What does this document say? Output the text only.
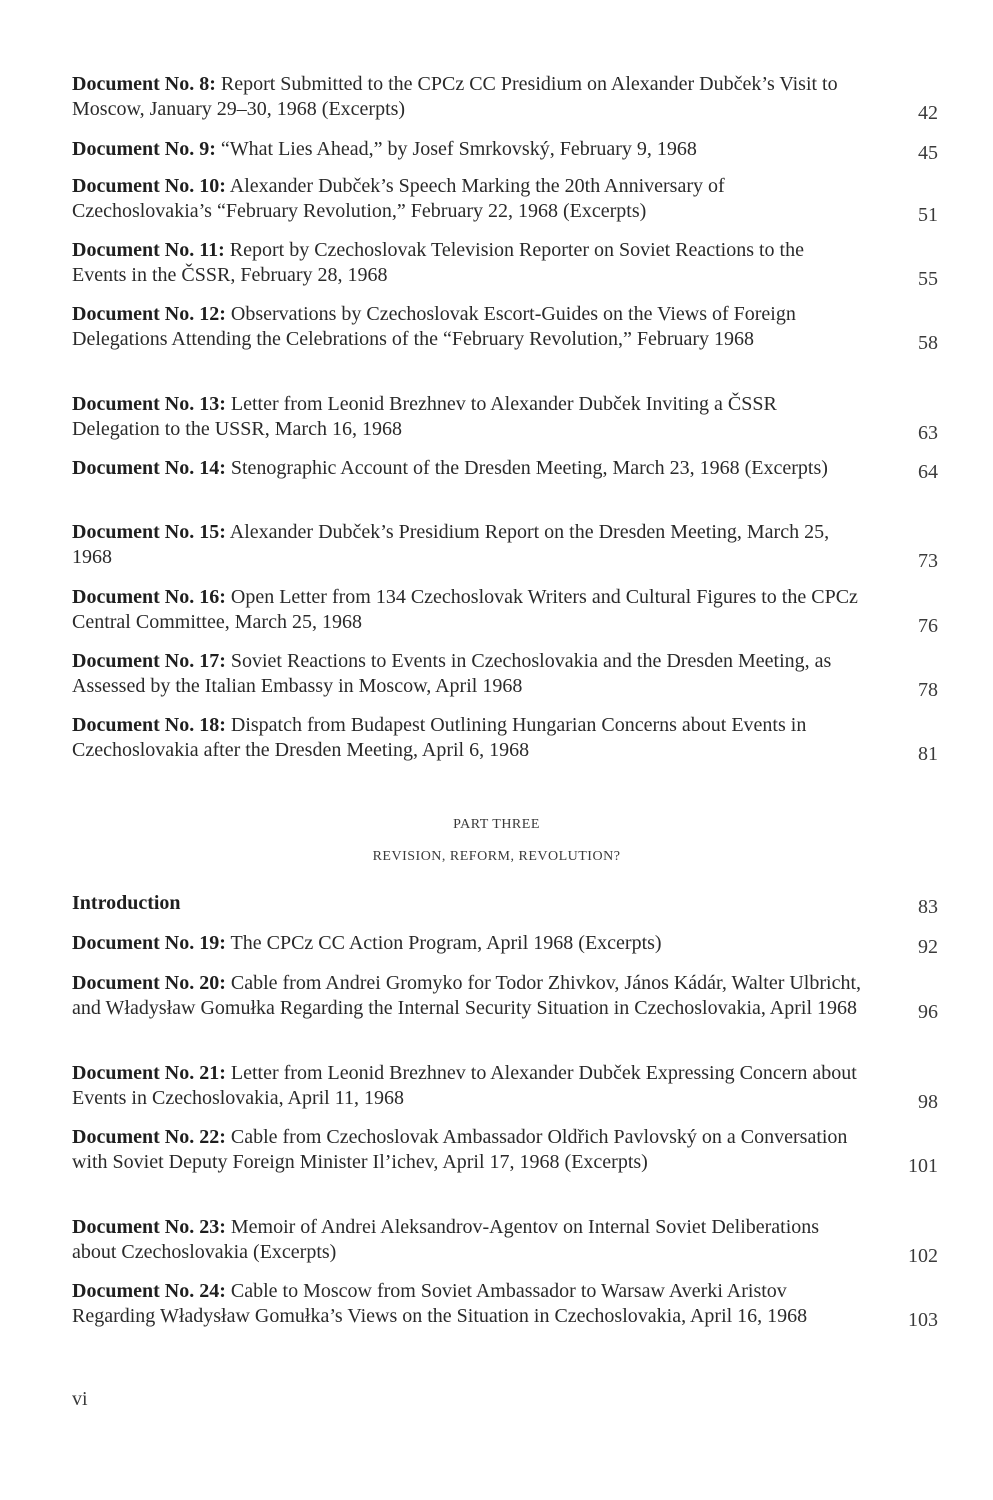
Document No. 8: Report Submitted to the CPCz CC Presidium on Alexander Dubček’s Visit to Moscow, January 29–30, 1968 (Excerpts)	42
Document No. 9: “What Lies Ahead,” by Josef Smrkovský, February 9, 1968	45
Document No. 10: Alexander Dubček’s Speech Marking the 20th Anniversary of Czechoslovakia’s “February Revolution,” February 22, 1968 (Excerpts)	51
Document No. 11: Report by Czechoslovak Television Reporter on Soviet Reactions to the Events in the ČSSR, February 28, 1968	55
Document No. 12: Observations by Czechoslovak Escort-Guides on the Views of Foreign Delegations Attending the Celebrations of the “February Revolution,” February 1968	58
Document No. 13: Letter from Leonid Brezhnev to Alexander Dubček Inviting a ČSSR Delegation to the USSR, March 16, 1968	63
Document No. 14: Stenographic Account of the Dresden Meeting, March 23, 1968 (Excerpts)	64
Document No. 15: Alexander Dubček’s Presidium Report on the Dresden Meeting, March 25, 1968	73
Document No. 16: Open Letter from 134 Czechoslovak Writers and Cultural Figures to the CPCz Central Committee, March 25, 1968	76
Document No. 17: Soviet Reactions to Events in Czechoslovakia and the Dresden Meeting, as Assessed by the Italian Embassy in Moscow, April 1968	78
Document No. 18: Dispatch from Budapest Outlining Hungarian Concerns about Events in Czechoslovakia after the Dresden Meeting, April 6, 1968	81
PART THREE
REVISION, REFORM, REVOLUTION?
Introduction	83
Document No. 19: The CPCz CC Action Program, April 1968 (Excerpts)	92
Document No. 20: Cable from Andrei Gromyko for Todor Zhivkov, János Kádár, Walter Ulbricht, and Władysław Gomułka Regarding the Internal Security Situation in Czechoslovakia, April 1968	96
Document No. 21: Letter from Leonid Brezhnev to Alexander Dubček Expressing Concern about Events in Czechoslovakia, April 11, 1968	98
Document No. 22: Cable from Czechoslovak Ambassador Oldřich Pavlovský on a Conversation with Soviet Deputy Foreign Minister Il’ichev, April 17, 1968 (Excerpts)	101
Document No. 23: Memoir of Andrei Aleksandrov-Agentov on Internal Soviet Deliberations about Czechoslovakia (Excerpts)	102
Document No. 24: Cable to Moscow from Soviet Ambassador to Warsaw Averki Aristov Regarding Władysław Gomułka’s Views on the Situation in Czechoslovakia, April 16, 1968	103
vi
